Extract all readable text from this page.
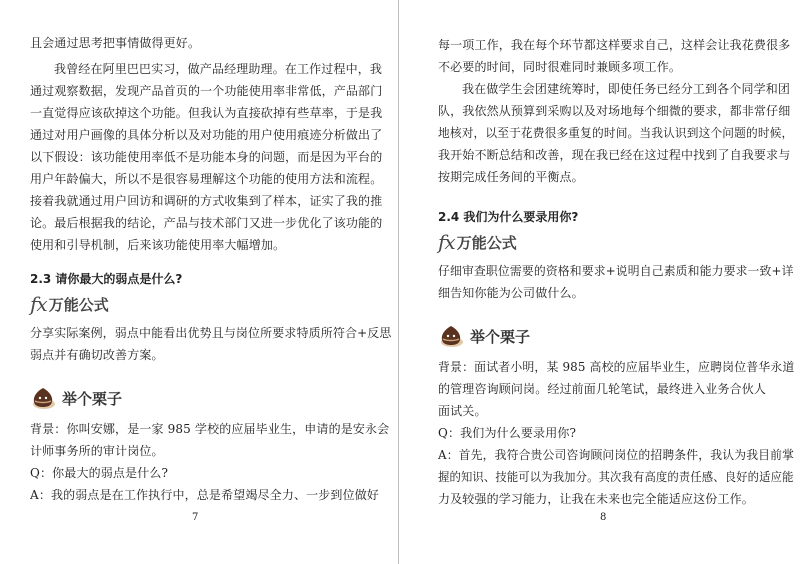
且会通过思考把事情做得更好。
我曾经在阿里巴巴实习，做产品经理助理。在工作过程中，我
通过观察数据，发现产品首页的一个功能使用率非常低，产品部门
一直觉得应该砍掉这个功能。但我认为直接砍掉有些草率，于是我
通过对用户画像的具体分析以及对功能的用户使用痕迹分析做出了
以下假设：该功能使用率低不是功能本身的问题，而是因为平台的
用户年龄偏大，所以不是很容易理解这个功能的使用方法和流程。
接着我就通过用户回访和调研的方式收集到了样本，证实了我的推
论。最后根据我的结论，产品与技术部门又进一步优化了该功能的
使用和引导机制，后来该功能使用率大幅增加。
2.3 请你最大的弱点是什么?
fx 万能公式
分享实际案例，弱点中能看出优势且与岗位所要求特质所符合+反思
弱点并有确切改善方案。
举个栗子
背景：你叫安娜，是一家 985 学校的应届毕业生，申请的是安永会
计师事务所的审计岗位。
Q：你最大的弱点是什么?
A：我的弱点是在工作执行中，总是希望竭尽全力、一步到位做好
7
每一项工作，我在每个环节都这样要求自己，这样会让我花费很多
不必要的时间，同时很难同时兼顾多项工作。
我在做学生会团建统筹时，即使任务已经分工到各个同学和团
队，我依然从预算到采购以及对场地每个细微的要求，都非常仔细
地核对，以至于花费很多重复的时间。当我认识到这个问题的时候，
我开始不断总结和改善，现在我已经在这过程中找到了自我要求与
按期完成任务间的平衡点。
2.4 我们为什么要录用你?
fx 万能公式
仔细审查职位需要的资格和要求+说明自己素质和能力要求一致+详
细告知你能为公司做什么。
举个栗子
背景：面试者小明，某 985 高校的应届毕业生，应聘岗位普华永道
的管理咨询顾问岗。经过前面几轮笔试，最终进入业务合伙人
面试关。
Q：我们为什么要录用你?
A：首先，我符合贵公司咨询顾问岗位的招聘条件，我认为我目前掌
握的知识、技能可以为我加分。其次我有高度的责任感、良好的适应能
力及较强的学习能力，让我在未来也完全能适应这份工作。
8
